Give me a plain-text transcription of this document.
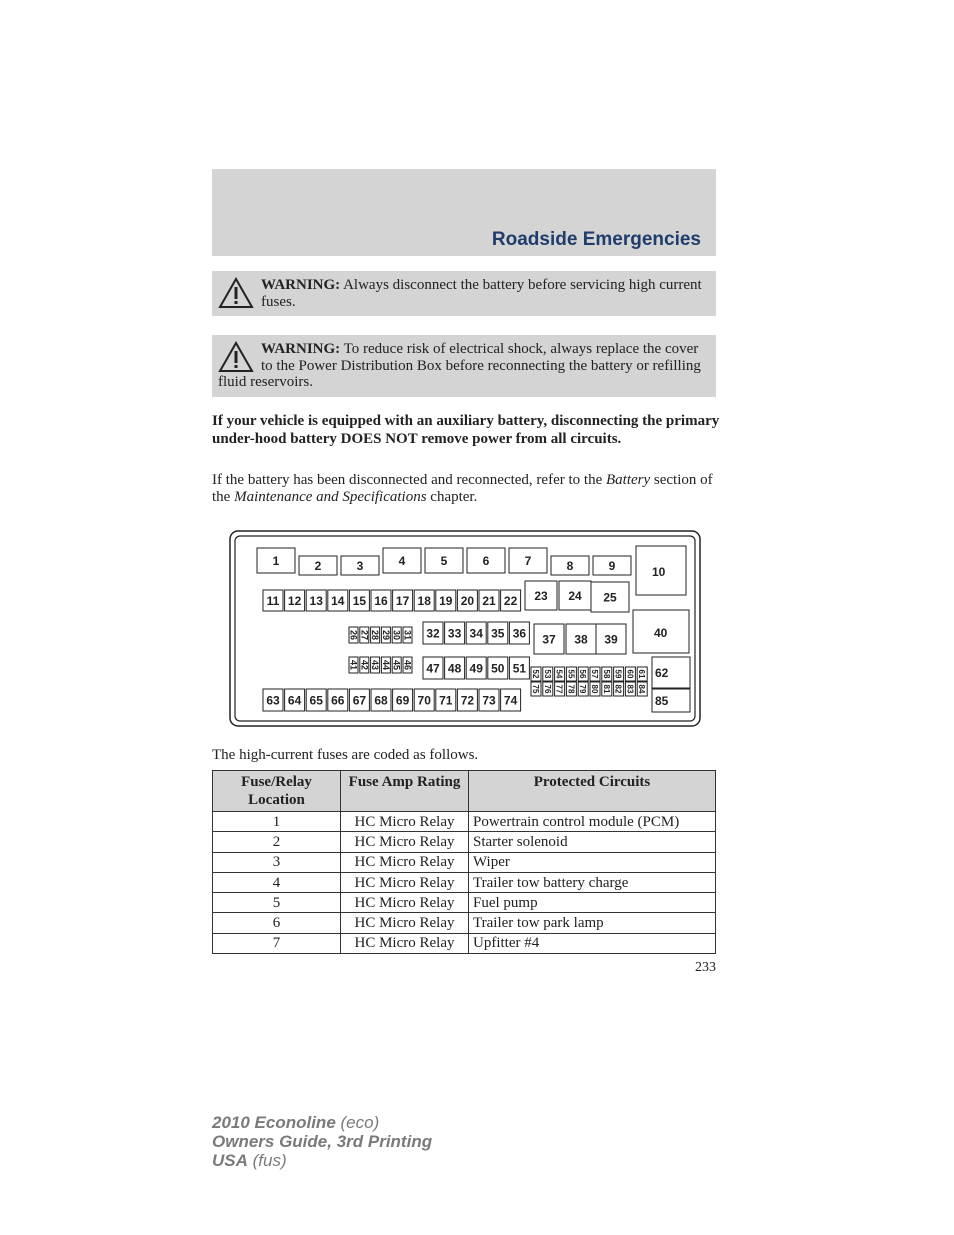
Roadside Emergencies
WARNING: Always disconnect the battery before servicing high current fuses.
WARNING: To reduce risk of electrical shock, always replace the cover to the Power Distribution Box before reconnecting the battery or refilling fluid reservoirs.
If your vehicle is equipped with an auxiliary battery, disconnecting the primary under-hood battery DOES NOT remove power from all circuits.
If the battery has been disconnected and reconnected, refer to the Battery section of the Maintenance and Specifications chapter.
1	2	3	4	5	6	7	8	9	10
40
62
85
11 12 13 14 15 16 17 18 19 20 21 22 23 24 25
26 27 28 29 30 31 32 33 34 35 36 37 38 39
41 42 43 44 45 46 47 48 49 50 51 52 53 54 55 56 57 58 59 60 61
75 76 77 78 79 80 81 82 83 84
63 64 65 66 67 68 69 70 71 72 73 74
The high-current fuses are coded as follows.
Fuse/Relay Location	Fuse Amp Rating	Protected Circuits
1	HC Micro Relay	Powertrain control module (PCM)
2	HC Micro Relay	Starter solenoid
3	HC Micro Relay	Wiper
4	HC Micro Relay	Trailer tow battery charge
5	HC Micro Relay	Fuel pump
6	HC Micro Relay	Trailer tow park lamp
7	HC Micro Relay	Upfitter #4
233
2010 Econoline (eco)
Owners Guide, 3rd Printing
USA (fus)
